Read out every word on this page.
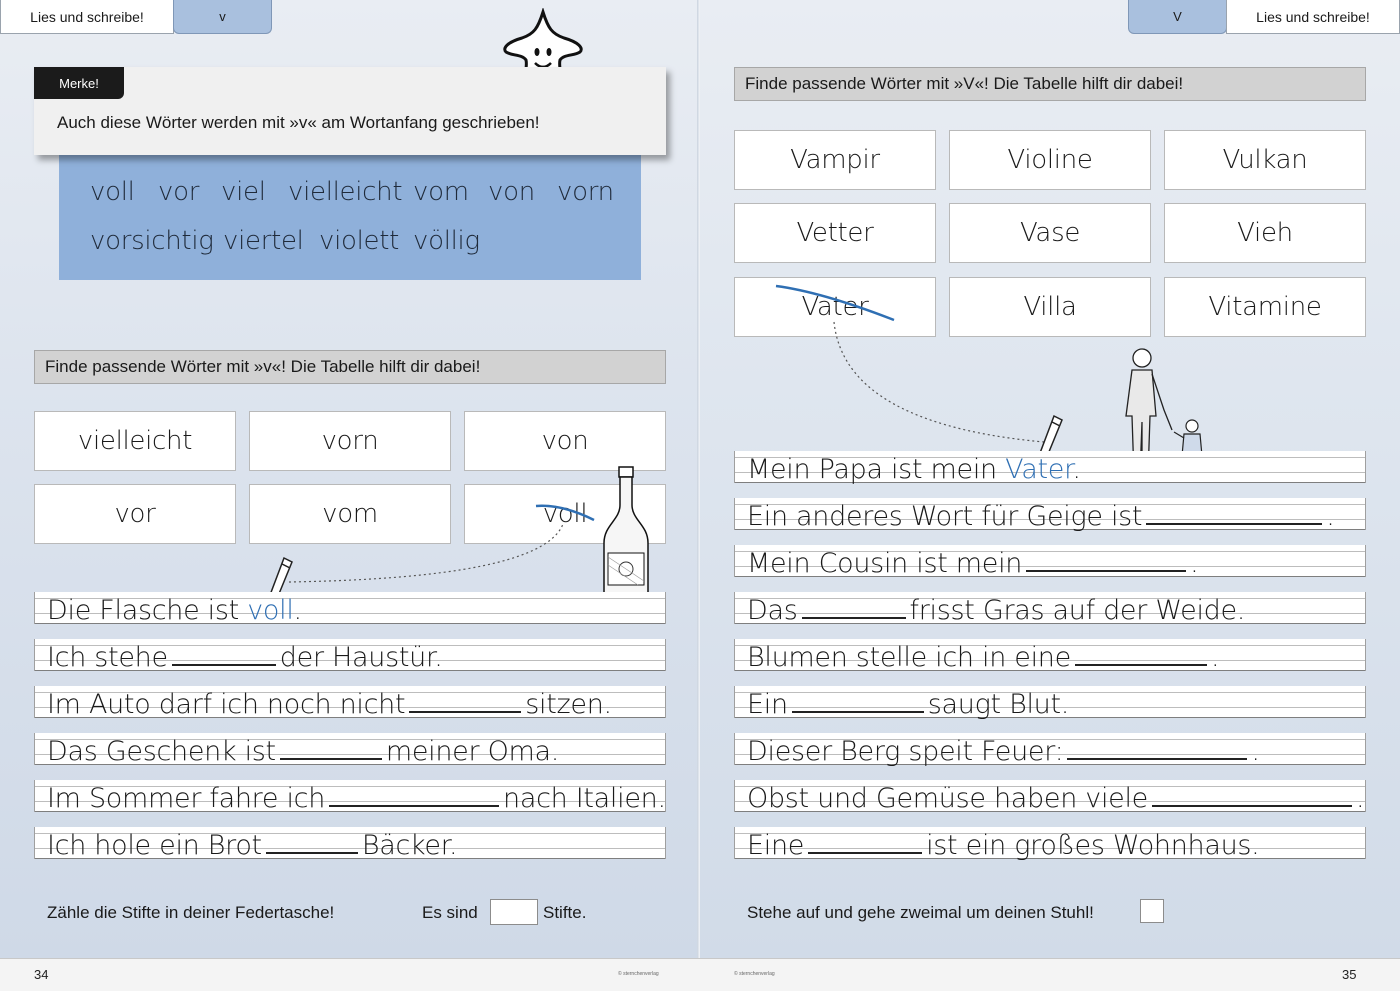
Lies und schreibe!	v
voll vor viel vielleicht vom von vorn
vorsichtig viertel violett völlig
Merke!
Auch diese Wörter werden mit »v« am Wortanfang geschrieben!
Finde passende Wörter mit »v«! Die Tabelle hilft dir dabei!
vielleicht	vorn	von
vor	vom	voll
Die Flasche ist voll.
Ich stehe	der Haustür.
Im Auto darf ich noch nicht	sitzen.
Das Geschenk ist	meiner Oma.
Im Sommer fahre ich	nach Italien.
Ich hole ein Brot	Bäcker.
Zähle die Stifte in deiner Federtasche!	Es sind	Stifte.
V	Lies und schreibe!
Finde passende Wörter mit »V«! Die Tabelle hilft dir dabei!
Vampir	Violine	Vulkan
Vetter	Vase	Vieh
Vater	Villa	Vitamine
Mein Papa ist mein Vater.
Ein anderes Wort für Geige ist	.
Mein Cousin ist mein	.
Das	frisst Gras auf der Weide.
Blumen stelle ich in eine	.
Ein	saugt Blut.
Dieser Berg speit Feuer:	.
Obst und Gemüse haben viele	.
Eine	ist ein großes Wohnhaus.
Stehe auf und gehe zweimal um deinen Stuhl!
34	© sternchenverlag	© sternchenverlag	35
